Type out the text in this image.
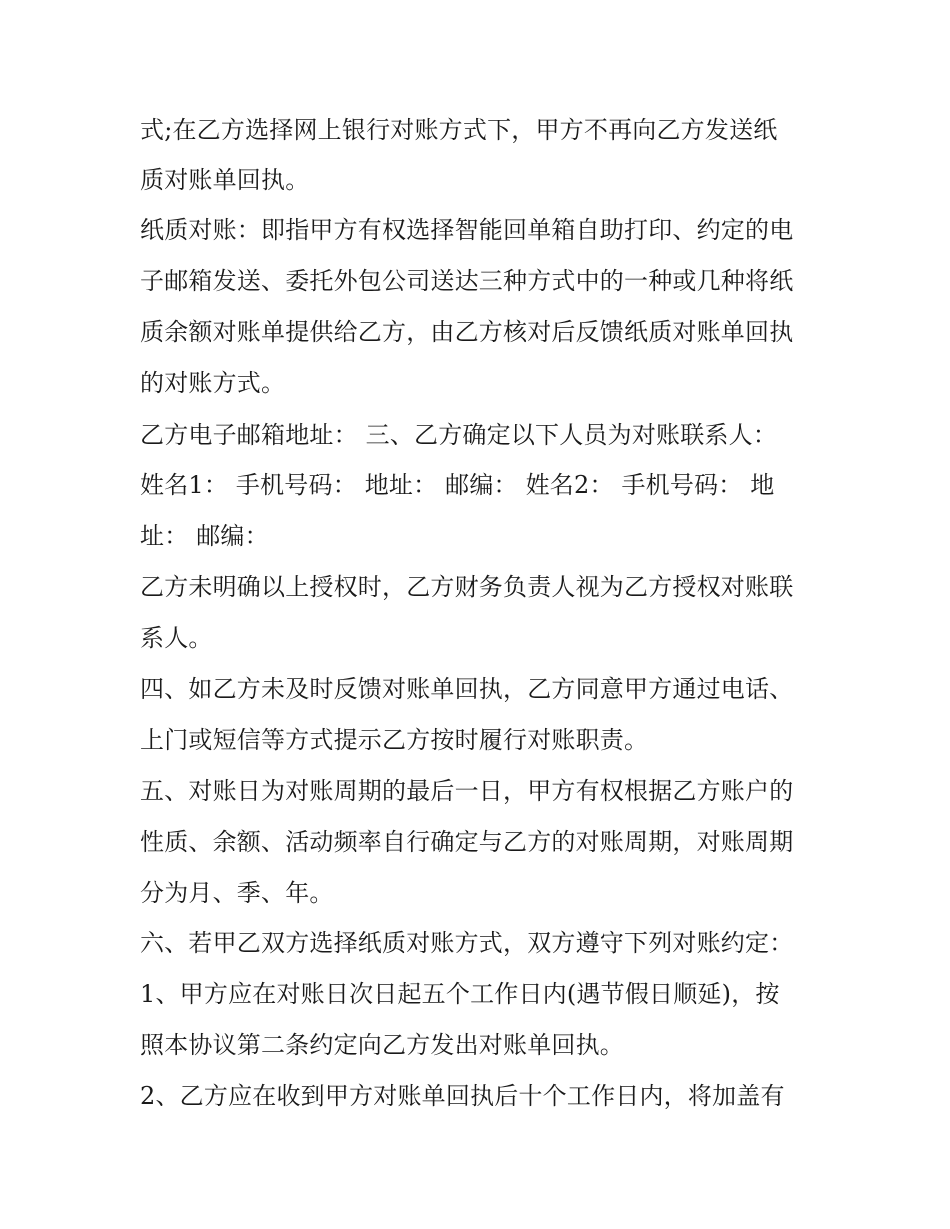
式;在乙方选择网上银行对账方式下，甲方不再向乙方发送纸
质对账单回执。
纸质对账：即指甲方有权选择智能回单箱自助打印、约定的电
子邮箱发送、委托外包公司送达三种方式中的一种或几种将纸
质余额对账单提供给乙方，由乙方核对后反馈纸质对账单回执
的对账方式。
乙方电子邮箱地址： 三、乙方确定以下人员为对账联系人：
姓名1： 手机号码： 地址： 邮编： 姓名2： 手机号码： 地
址： 邮编：
乙方未明确以上授权时，乙方财务负责人视为乙方授权对账联
系人。
四、如乙方未及时反馈对账单回执，乙方同意甲方通过电话、
上门或短信等方式提示乙方按时履行对账职责。
五、对账日为对账周期的最后一日，甲方有权根据乙方账户的
性质、余额、活动频率自行确定与乙方的对账周期，对账周期
分为月、季、年。
六、若甲乙双方选择纸质对账方式，双方遵守下列对账约定：
1、甲方应在对账日次日起五个工作日内(遇节假日顺延)，按
照本协议第二条约定向乙方发出对账单回执。
2、乙方应在收到甲方对账单回执后十个工作日内，将加盖有
